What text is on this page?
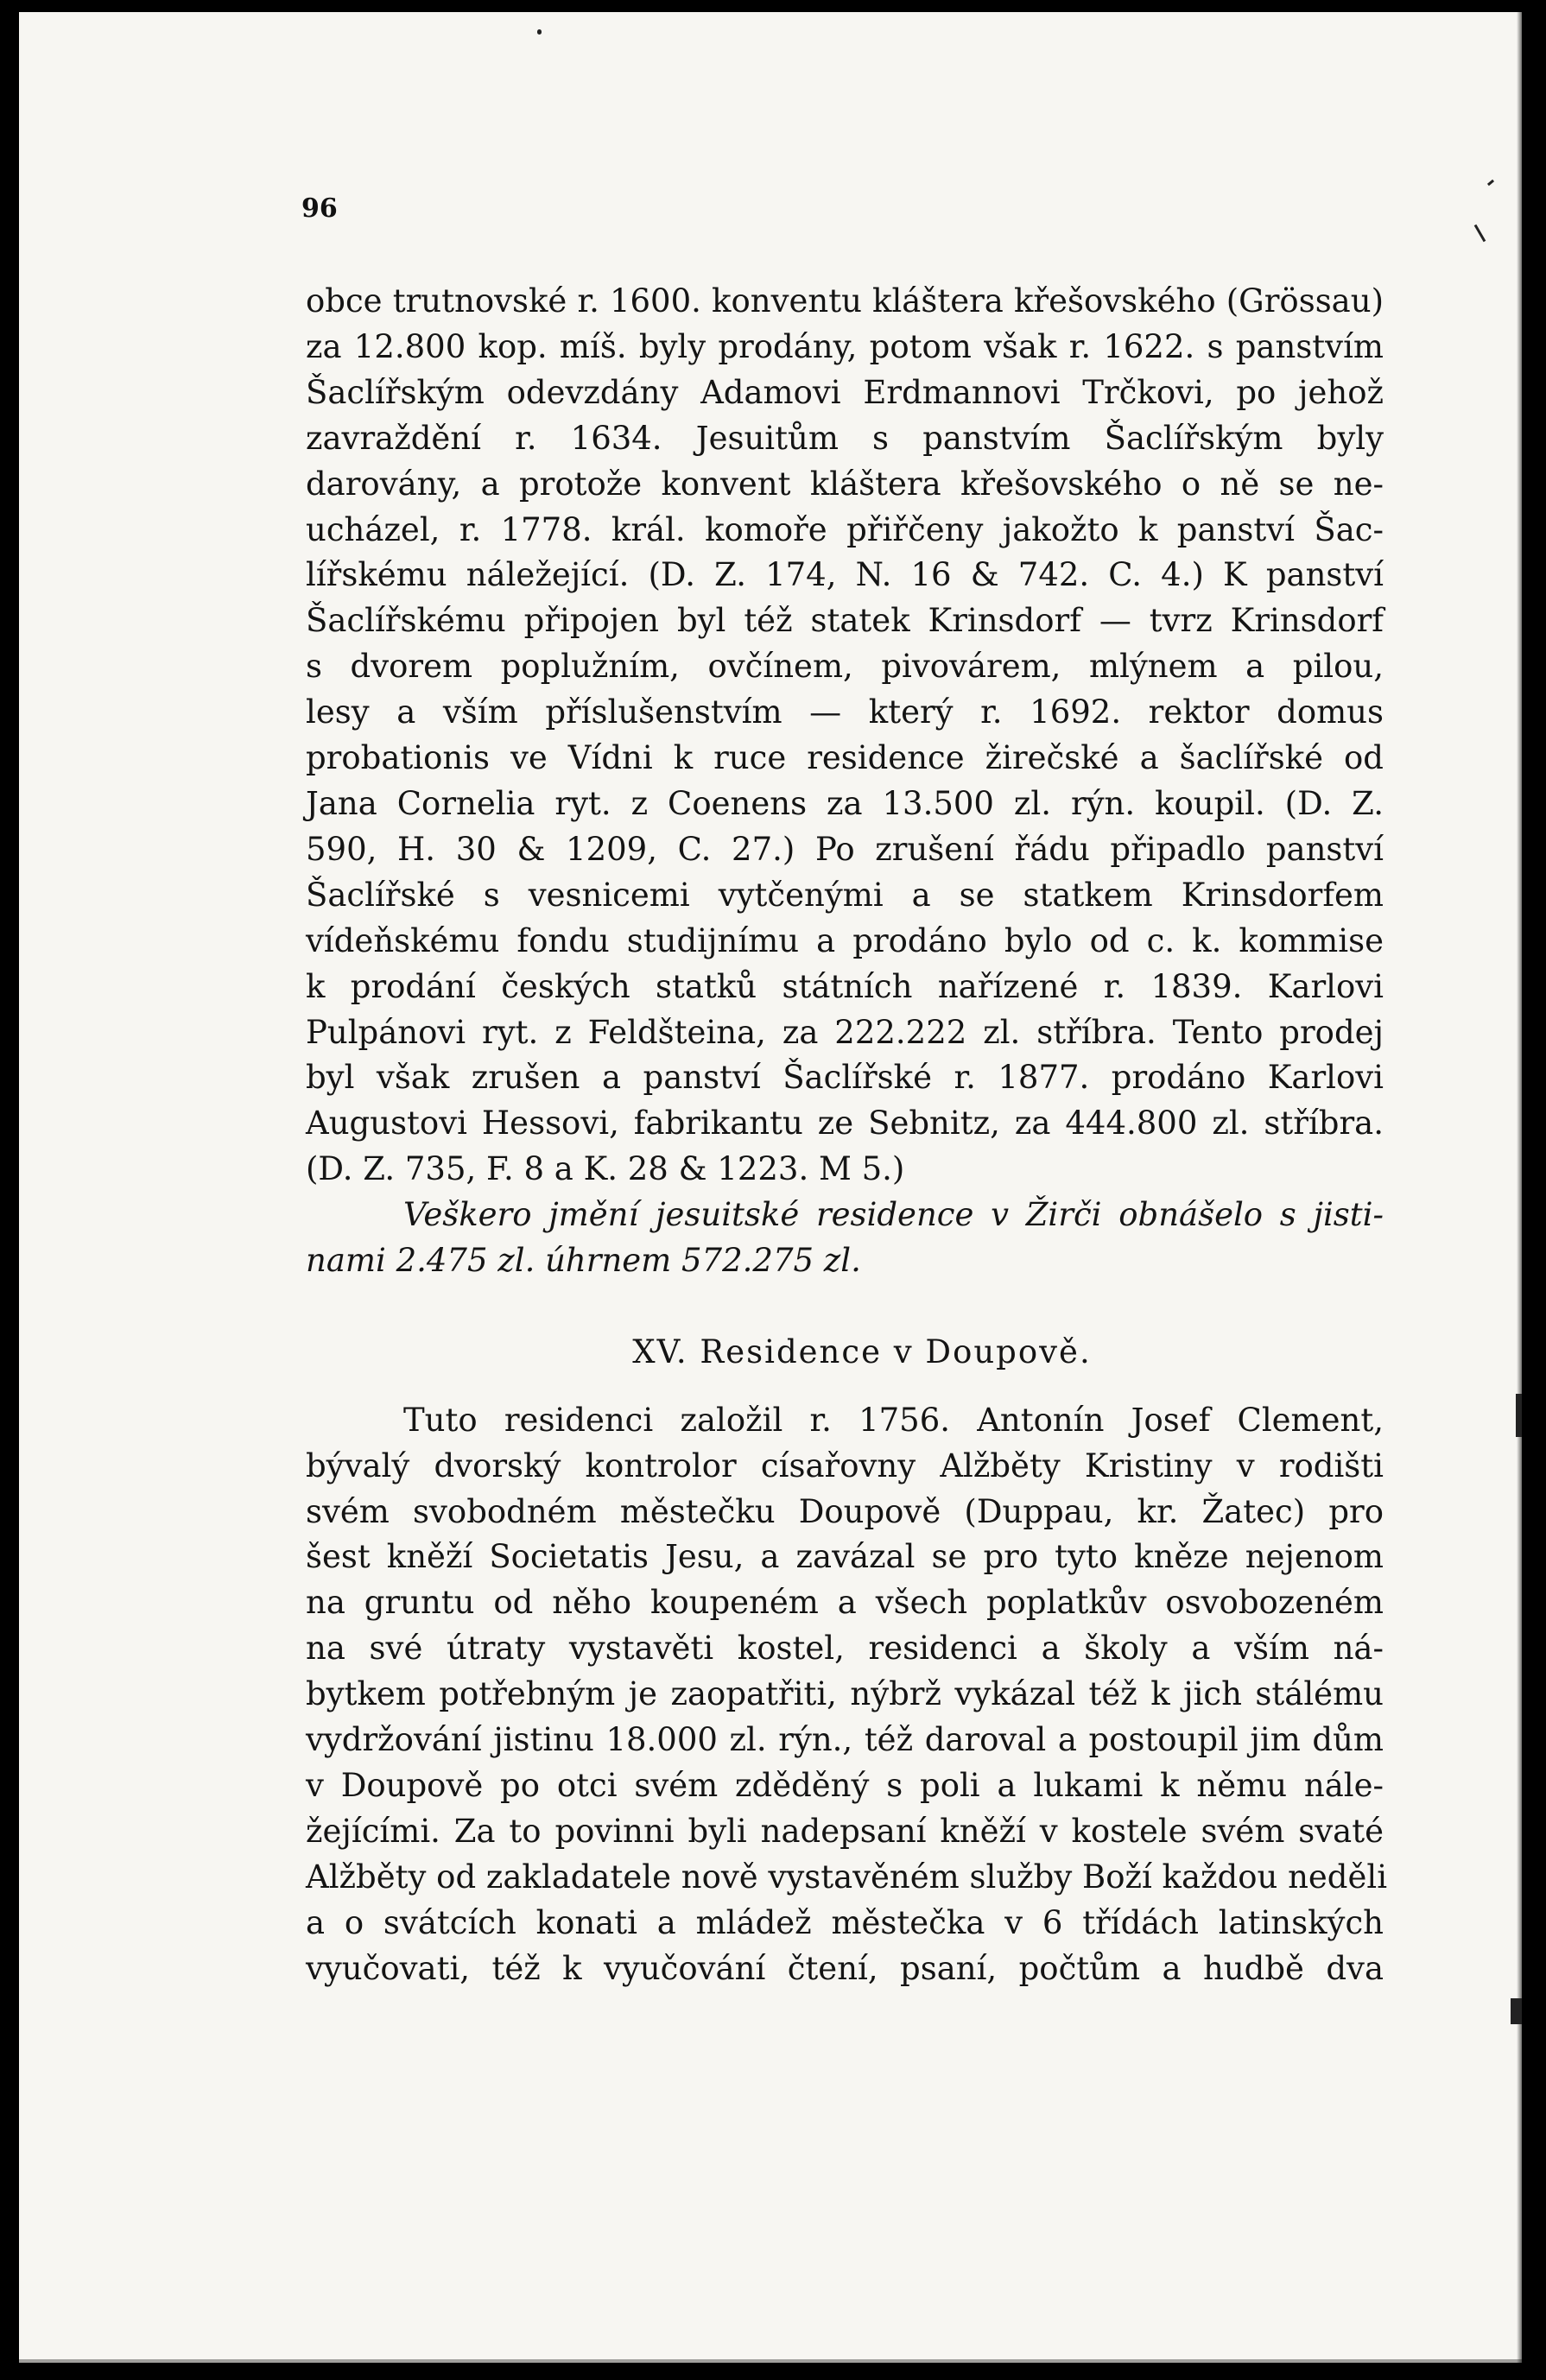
96
obce trutnovské r. 1600. konventu kláštera křešovského (Grössau)
za 12.800 kop. míš. byly prodány, potom však r. 1622. s panstvím
Šaclířským odevzdány Adamovi Erdmannovi Trčkovi, po jehož
zavraždění r. 1634. Jesuitům s panstvím Šaclířským byly
darovány, a protože konvent kláštera křešovského o ně se ne-
ucházel, r. 1778. král. komoře přiřčeny jakožto k panství Šac-
lířskému náležející. (D. Z. 174, N. 16 & 742. C. 4.) K panství
Šaclířskému připojen byl též statek Krinsdorf — tvrz Krinsdorf
s dvorem poplužním, ovčínem, pivovárem, mlýnem a pilou,
lesy a vším příslušenstvím — který r. 1692. rektor domus
probationis ve Vídni k ruce residence žirečské a šaclířské od
Jana Cornelia ryt. z Coenens za 13.500 zl. rýn. koupil. (D. Z.
590, H. 30 & 1209, C. 27.) Po zrušení řádu připadlo panství
Šaclířské s vesnicemi vytčenými a se statkem Krinsdorfem
vídeňskému fondu studijnímu a prodáno bylo od c. k. kommise
k prodání českých statků státních nařízené r. 1839. Karlovi
Pulpánovi ryt. z Feldšteina, za 222.222 zl. stříbra. Tento prodej
byl však zrušen a panství Šaclířské r. 1877. prodáno Karlovi
Augustovi Hessovi, fabrikantu ze Sebnitz, za 444.800 zl. stříbra.
(D. Z. 735, F. 8 a K. 28 & 1223. M 5.)
Veškero jmění jesuitské residence v Žirči obnášelo s jisti-
nami 2.475 zl. úhrnem 572.275 zl.
XV. Residence v Doupově.
Tuto residenci založil r. 1756. Antonín Josef Clement,
bývalý dvorský kontrolor císařovny Alžběty Kristiny v rodišti
svém svobodném městečku Doupově (Duppau, kr. Žatec) pro
šest kněží Societatis Jesu, a zavázal se pro tyto kněze nejenom
na gruntu od něho koupeném a všech poplatkův osvobozeném
na své útraty vystavěti kostel, residenci a školy a vším ná-
bytkem potřebným je zaopatřiti, nýbrž vykázal též k jich stálému
vydržování jistinu 18.000 zl. rýn., též daroval a postoupil jim dům
v Doupově po otci svém zděděný s poli a lukami k němu nále-
žejícími. Za to povinni byli nadepsaní kněží v kostele svém svaté
Alžběty od zakladatele nově vystavěném služby Boží každou neděli
a o svátcích konati a mládež městečka v 6 třídách latinských
vyučovati, též k vyučování čtení, psaní, počtům a hudbě dva
